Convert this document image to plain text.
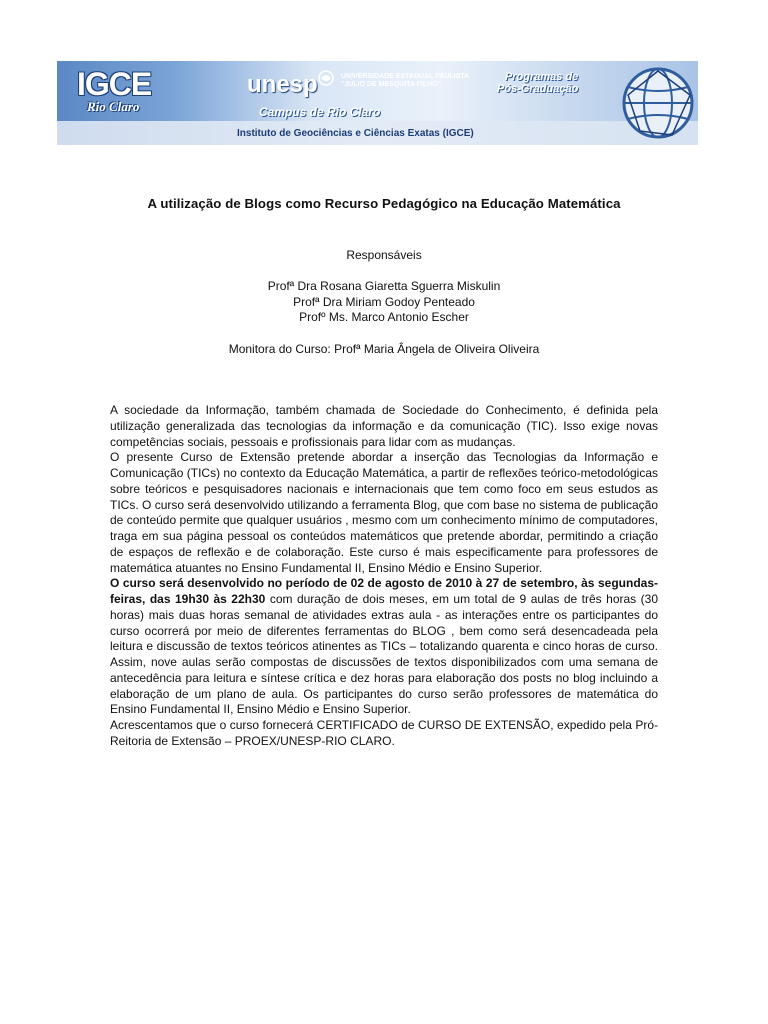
IGCE
Rio Claro
unesp	UNIVERSIDADE ESTADUAL PAULISTA
"JÚLIO DE MESQUITA FILHO"
Campus de Rio Claro
Instituto de Geociências e Ciências Exatas (IGCE)
Programas de
Pós-Graduação
A utilização de Blogs como Recurso Pedagógico na Educação Matemática
Responsáveis
Profª Dra Rosana Giaretta Sguerra Miskulin
Profª Dra Miriam Godoy Penteado
Profº Ms. Marco Antonio Escher
Monitora do Curso: Profª Maria Ângela de Oliveira Oliveira

A sociedade da Informação, também chamada de Sociedade do Conhecimento, é definida pela utilização generalizada das tecnologias da informação e da comunicação (TIC). Isso exige novas competências sociais, pessoais e profissionais para lidar com as mudanças.

O presente Curso de Extensão pretende abordar a inserção das Tecnologias da Informação e Comunicação (TICs) no contexto da Educação Matemática, a partir de reflexões teórico-metodológicas sobre teóricos e pesquisadores nacionais e internacionais que tem como foco em seus estudos as TICs. O curso será desenvolvido utilizando a ferramenta Blog, que com base no sistema de publicação de conteúdo permite que qualquer usuários , mesmo com um conhecimento mínimo de computadores, traga em sua página pessoal os conteúdos matemáticos que pretende abordar, permitindo a criação de espaços de reflexão e de colaboração. Este curso é mais especificamente para professores de matemática atuantes no Ensino Fundamental II, Ensino Médio e Ensino Superior.

O curso será desenvolvido no período de 02 de agosto de 2010 à 27 de setembro, às segundas-feiras, das 19h30 às 22h30 com duração de dois meses, em um total de 9 aulas de três horas (30 horas) mais duas horas semanal de atividades extras aula - as interações entre os participantes do curso ocorrerá por meio de diferentes ferramentas do BLOG , bem como será desencadeada pela leitura e discussão de textos teóricos atinentes as TICs – totalizando quarenta e cinco horas de curso. Assim, nove aulas serão compostas de discussões de textos disponibilizados com uma semana de antecedência para leitura e síntese crítica e dez horas para elaboração dos posts no blog incluindo a elaboração de um plano de aula. Os participantes do curso serão professores de matemática do Ensino Fundamental II, Ensino Médio e Ensino Superior.

Acrescentamos que o curso fornecerá CERTIFICADO de CURSO DE EXTENSÃO, expedido pela Pró-Reitoria de Extensão – PROEX/UNESP-RIO CLARO.
